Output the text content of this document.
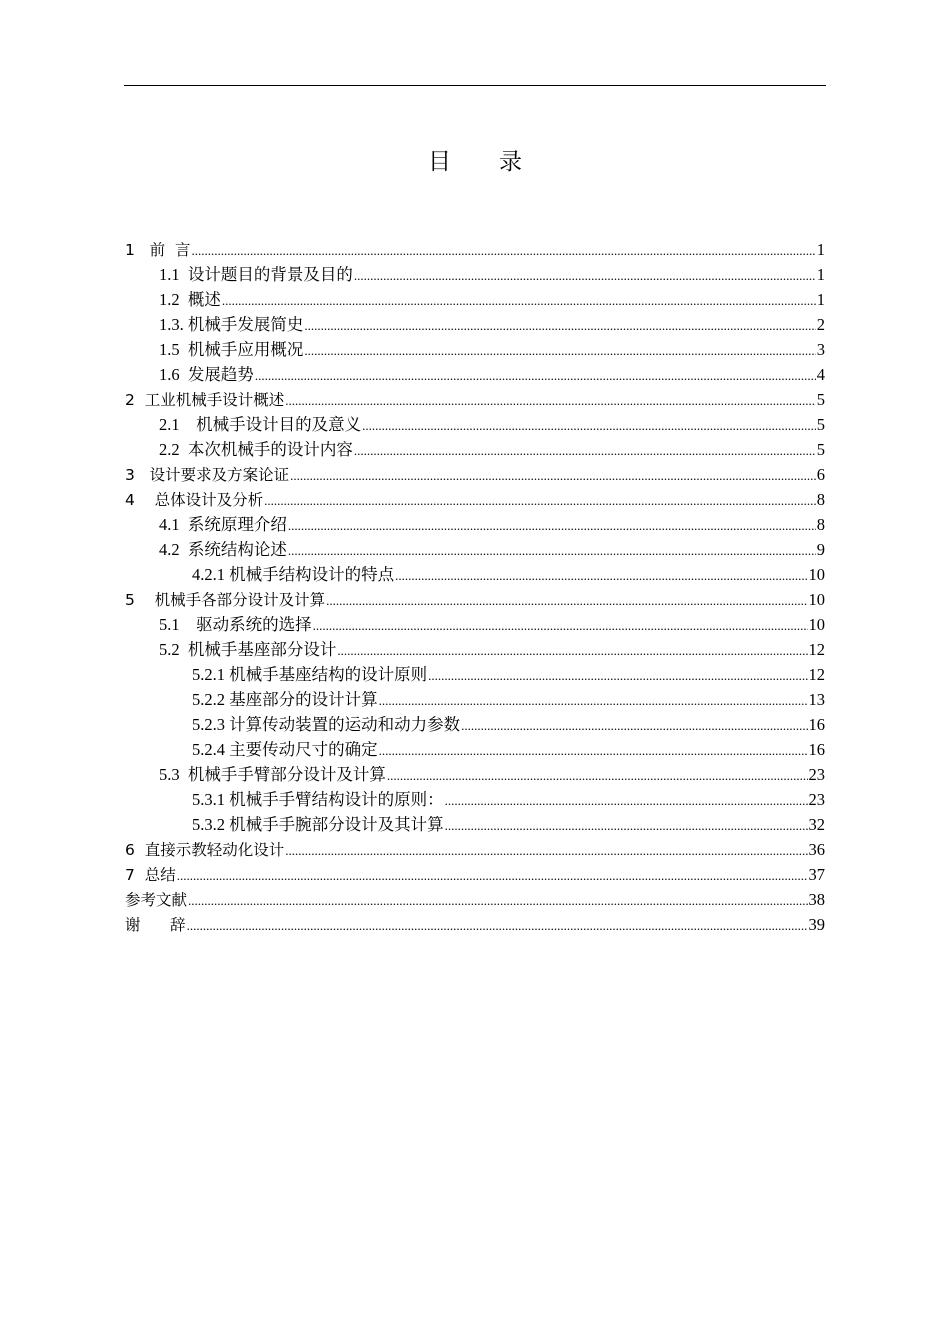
目录
1   前  言 .....	1
1.1  设计题目的背景及目的 .....	1
1.2  概述 .....	1
1.3. 机械手发展简史 .....	2
1.5  机械手应用概况 .....	3
1.6  发展趋势 .....	4
2  工业机械手设计概述 .....	5
2.1    机械手设计目的及意义 .....	5
2.2  本次机械手的设计内容 .....	5
3   设计要求及方案论证 .....	6
4    总体设计及分析 .....	8
4.1  系统原理介绍 .....	8
4.2  系统结构论述 .....	9
4.2.1 机械手结构设计的特点 .....	10
5    机械手各部分设计及计算 .....	10
5.1    驱动系统的选择 .....	10
5.2  机械手基座部分设计 .....	12
5.2.1 机械手基座结构的设计原则 .....	12
5.2.2 基座部分的设计计算 .....	13
5.2.3 计算传动装置的运动和动力参数 .....	16
5.2.4 主要传动尺寸的确定 .....	16
5.3  机械手手臂部分设计及计算 .....	23
5.3.1 机械手手臂结构设计的原则： .....	23
5.3.2 机械手手腕部分设计及其计算 .....	32
6  直接示教轻动化设计 .....	36
7  总结 .....	37
参考文献 .....	38
谢      辞 .....	39
